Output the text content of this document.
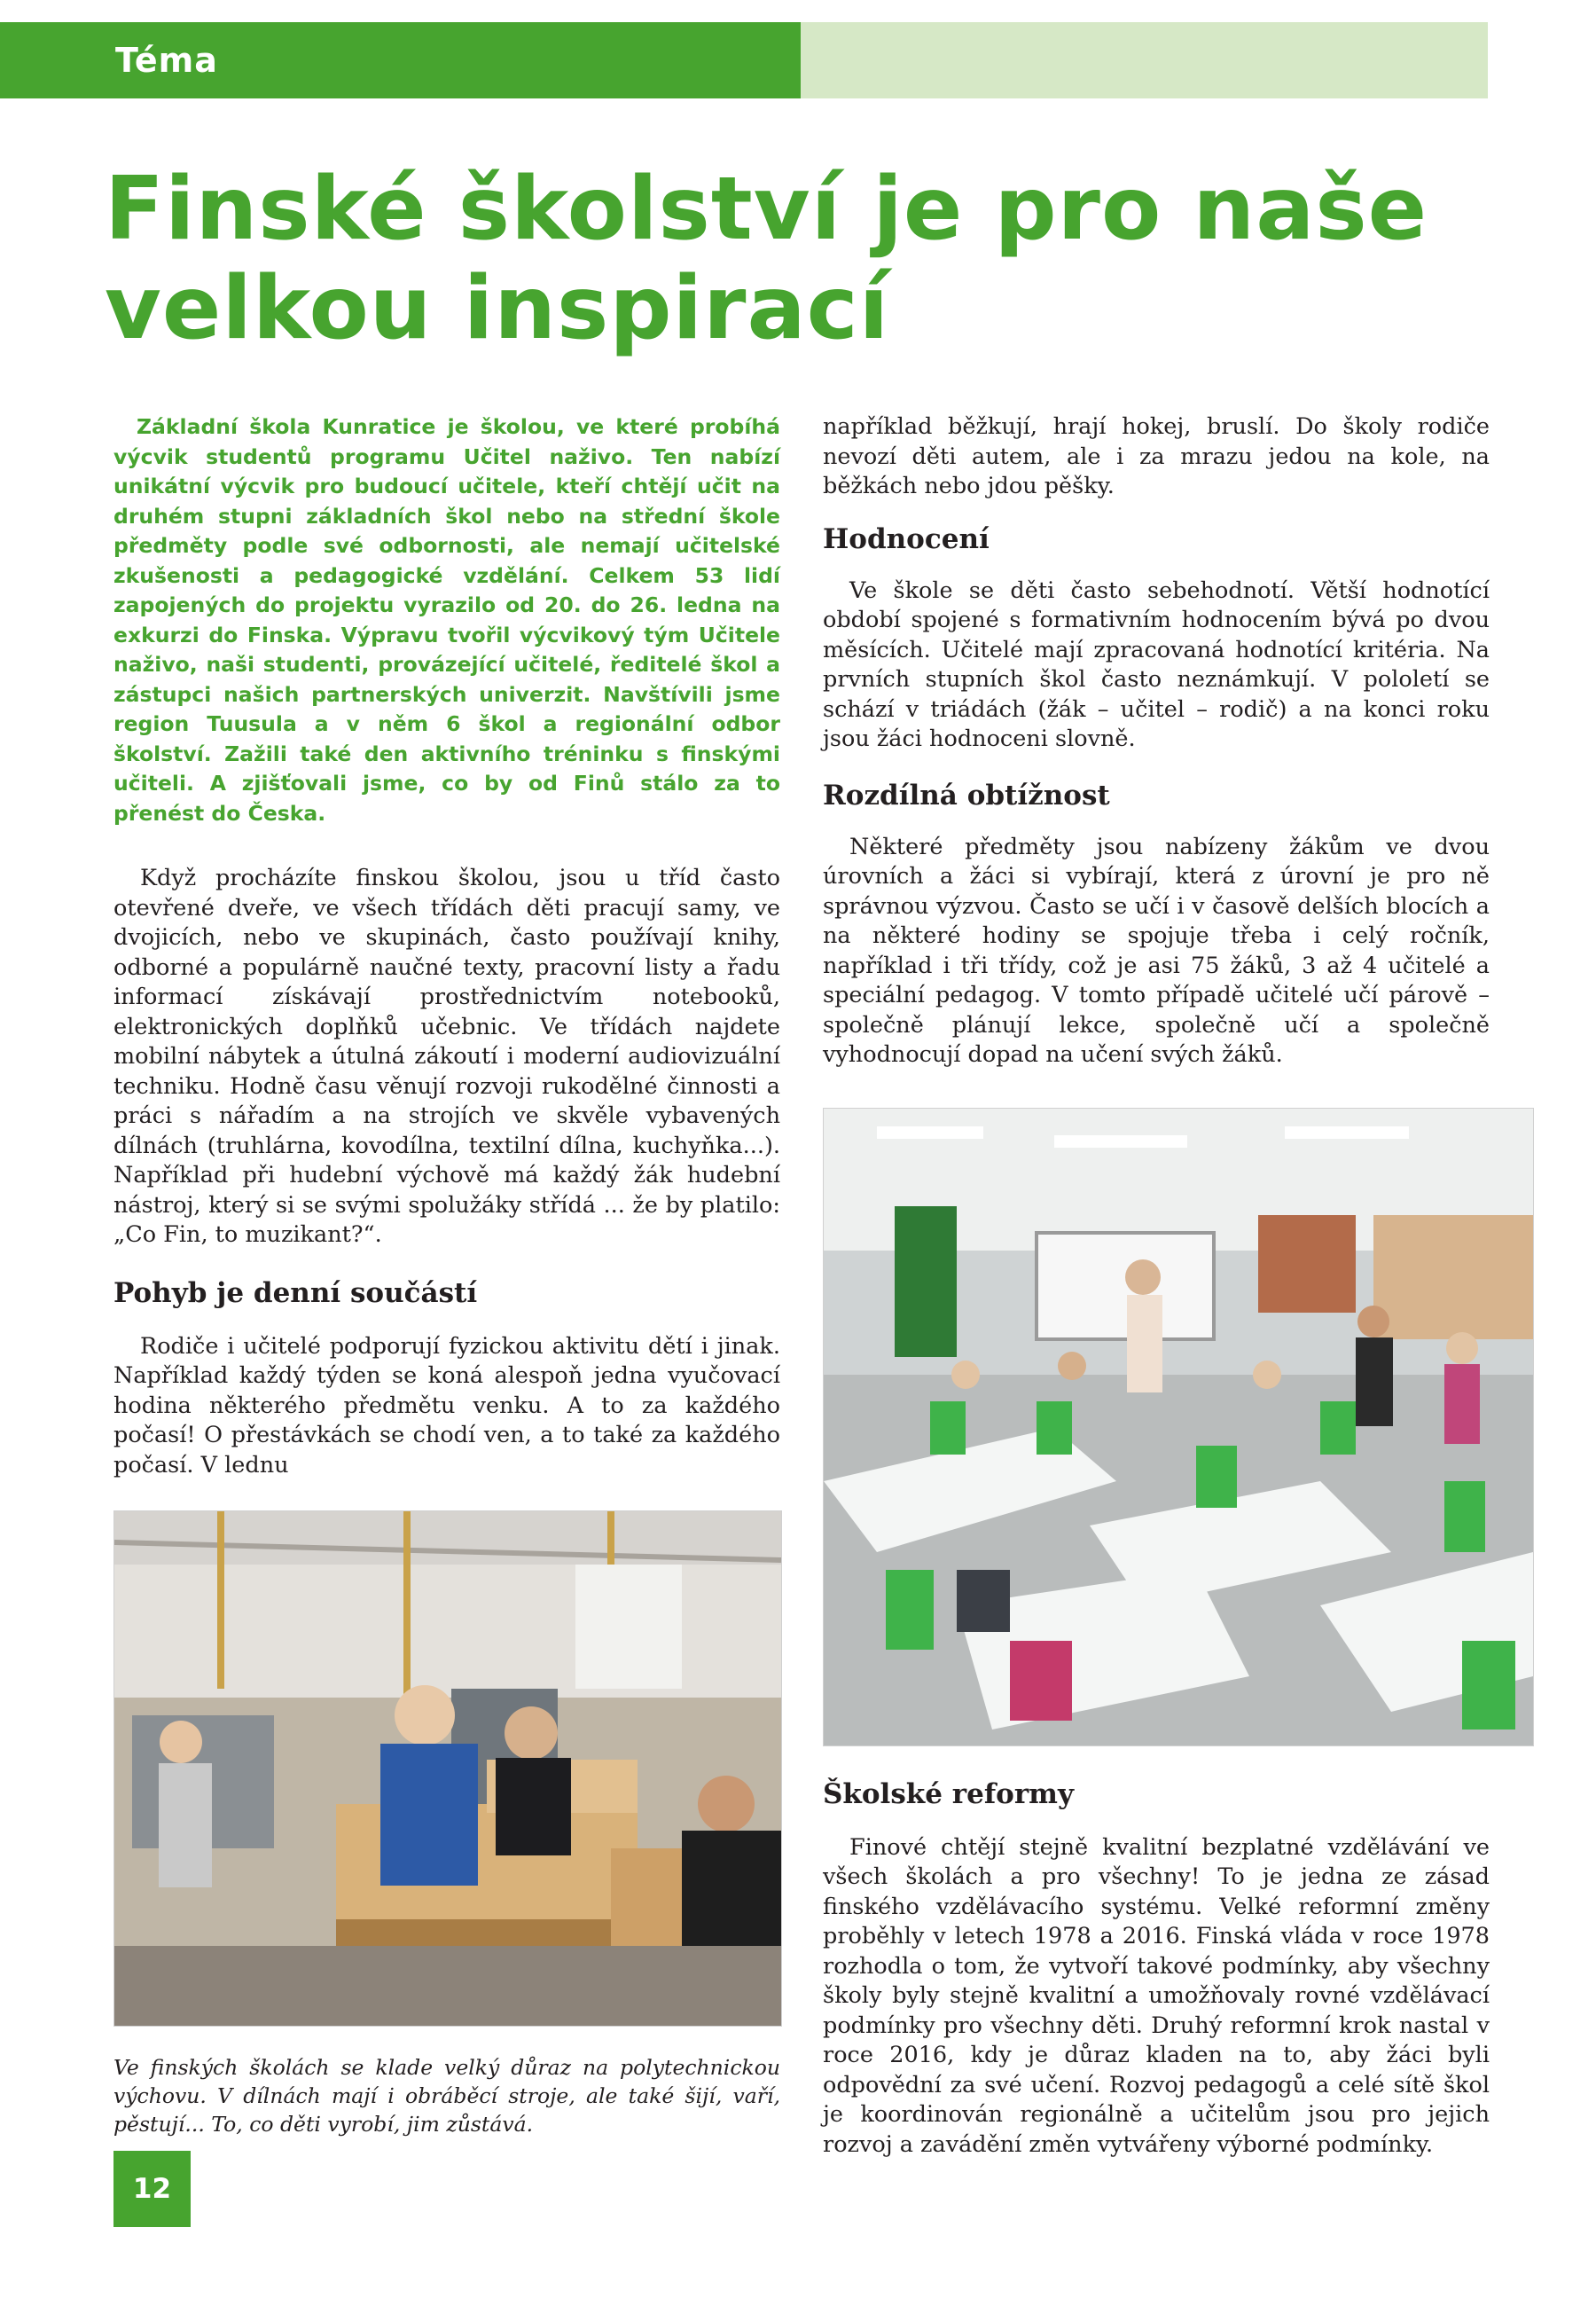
Téma
Finské školství je pro naše velkou inspirací

Základní škola Kunratice je školou, ve které probíhá výcvik studentů programu Učitel naživo. Ten nabízí unikátní výcvik pro budoucí učitele, kteří chtějí učit na druhém stupni základních škol nebo na střední škole předměty podle své odbornosti, ale nemají učitelské zkušenosti a pedagogické vzdělání. Celkem 53 lidí zapojených do projektu vyrazilo od 20. do 26. ledna na exkurzi do Finska. Výpravu tvořil výcvikový tým Učitele naživo, naši studenti, provázející učitelé, ředitelé škol a zástupci našich partnerských univerzit. Navštívili jsme region Tuusula a v něm 6 škol a regionální odbor školství. Zažili také den aktivního tréninku s finskými učiteli. A zjišťovali jsme, co by od Finů stálo za to přenést do Česka.

Když procházíte finskou školou, jsou u tříd často otevřené dveře, ve všech třídách děti pracují samy, ve dvojicích, nebo ve skupinách, často používají knihy, odborné a populárně naučné texty, pracovní listy a řadu informací získávají prostřednictvím notebooků, elektronických doplňků učebnic. Ve třídách najdete mobilní nábytek a útulná zákoutí i moderní audiovizuální techniku. Hodně času věnují rozvoji rukodělné činnosti a práci s nářadím a na strojích ve skvěle vybavených dílnách (truhlárna, kovodílna, textilní dílna, kuchyňka...). Například při hudební výchově má každý žák hudební nástroj, který si se svými spolužáky střídá ... že by platilo: „Co Fin, to muzikant?“.

Pohyb je denní součástí

Rodiče i učitelé podporují fyzickou aktivitu dětí i jinak. Například každý týden se koná alespoň jedna vyučovací hodina některého předmětu venku. A to za každého počasí! O přestávkách se chodí ven, a to také za každého počasí. V lednu

Ve finských školách se klade velký důraz na polytechnickou výchovu. V dílnách mají i obráběcí stroje, ale také šijí, vaří, pěstují... To, co děti vyrobí, jim zůstává.

například běžkují, hrají hokej, bruslí. Do školy rodiče nevozí děti autem, ale i za mrazu jedou na kole, na běžkách nebo jdou pěšky.

Hodnocení

Ve škole se děti často sebehodnotí. Větší hodnotící období spojené s formativním hodnocením bývá po dvou měsících. Učitelé mají zpracovaná hodnotící kritéria. Na prvních stupních škol často neznámkují. V pololetí se schází v triádách (žák – učitel – rodič) a na konci roku jsou žáci hodnoceni slovně.

Rozdílná obtížnost

Některé předměty jsou nabízeny žákům ve dvou úrovních a žáci si vybírají, která z úrovní je pro ně správnou výzvou. Často se učí i v časově delších blocích a na některé hodiny se spojuje třeba i celý ročník, například i tři třídy, což je asi 75 žáků, 3 až 4 učitelé a speciální pedagog. V tomto případě učitelé učí párově – společně plánují lekce, společně učí a společně vyhodnocují dopad na učení svých žáků.

Školské reformy

Finové chtějí stejně kvalitní bezplatné vzdělávání ve všech školách a pro všechny! To je jedna ze zásad finského vzdělávacího systému. Velké reformní změny proběhly v letech 1978 a 2016. Finská vláda v roce 1978 rozhodla o tom, že vytvoří takové podmínky, aby všechny školy byly stejně kvalitní a umožňovaly rovné vzdělávací podmínky pro všechny děti. Druhý reformní krok nastal v roce 2016, kdy je důraz kladen na to, aby žáci byli odpovědní za své učení. Rozvoj pedagogů a celé sítě škol je koordinován regionálně a učitelům jsou pro jejich rozvoj a zavádění změn vytvářeny výborné podmínky.

12
